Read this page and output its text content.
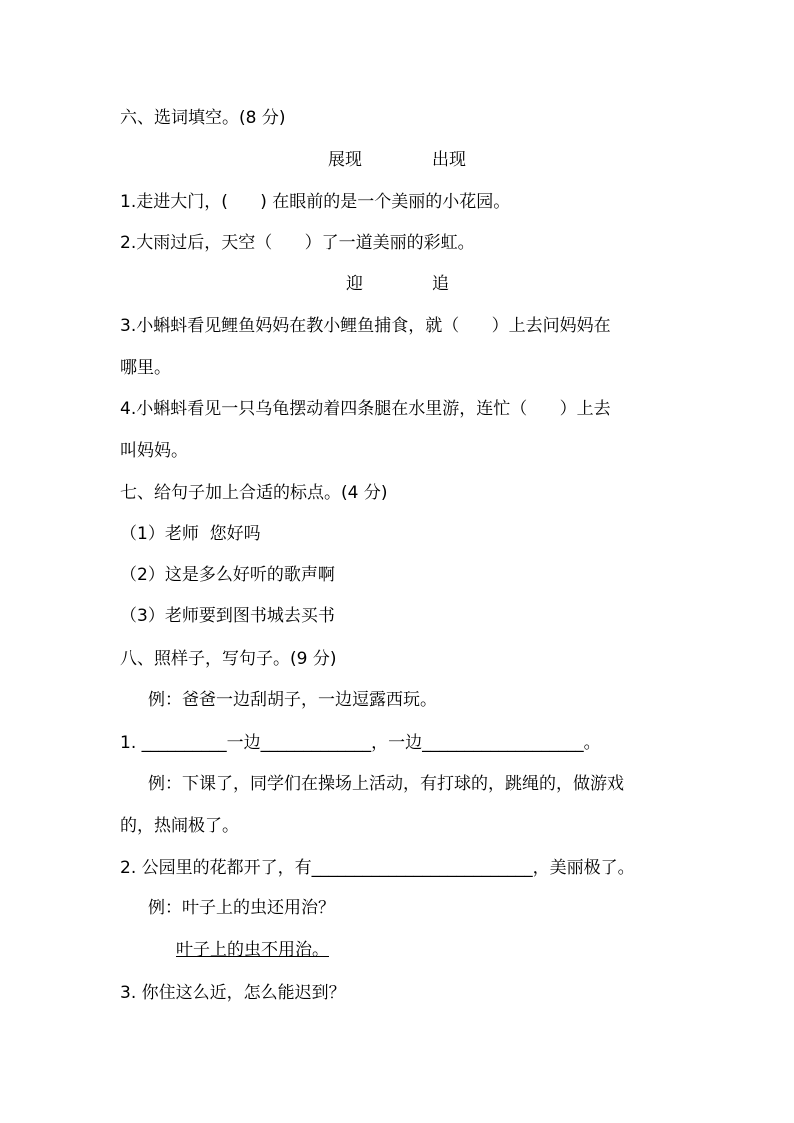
六、选词填空。(8 分)
展现	出现
1.走进大门，(      ) 在眼前的是一个美丽的小花园。
2.大雨过后，天空（      ）了一道美丽的彩虹。
迎	追
3.小蝌蚪看见鲤鱼妈妈在教小鲤鱼捕食，就（      ）上去问妈妈在
哪里。
4.小蝌蚪看见一只乌龟摆动着四条腿在水里游，连忙（      ）上去
叫妈妈。
七、给句子加上合适的标点。(4 分)
（1）老师  您好吗
（2）这是多么好听的歌声啊
（3）老师要到图书城去买书
八、照样子，写句子。(9 分)
例：爸爸一边刮胡子，一边逗露西玩。
1. __________一边_____________，一边___________________。
例：下课了，同学们在操场上活动，有打球的，跳绳的，做游戏
的，热闹极了。
2. 公园里的花都开了，有__________________________，美丽极了。
例：叶子上的虫还用治？
叶子上的虫不用治。
3. 你住这么近，怎么能迟到？
